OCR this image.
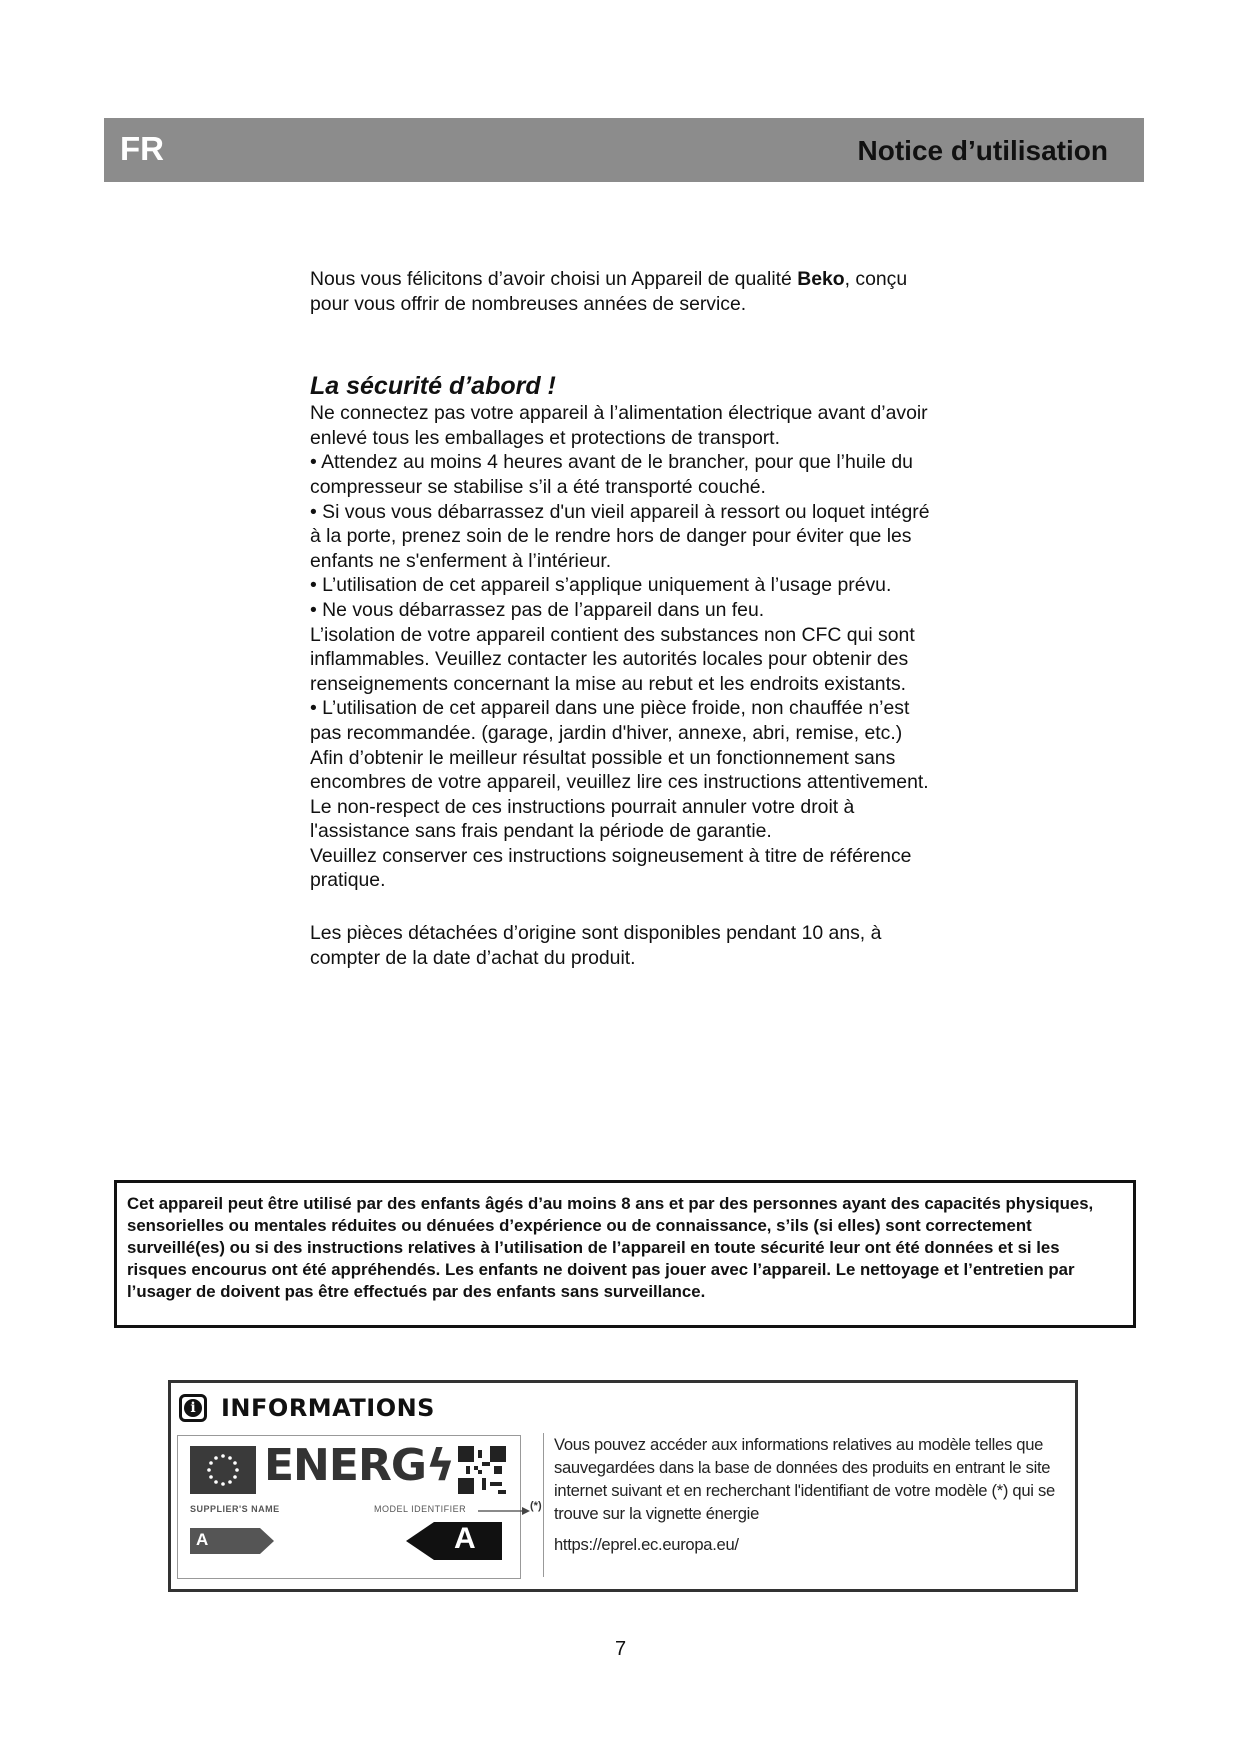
FR	Notice d’utilisation

Nous vous félicitons d’avoir choisi un Appareil de qualité Beko, conçu pour vous offrir de nombreuses années de service.

La sécurité d’abord !

Ne connectez pas votre appareil à l’alimentation électrique avant d’avoir enlevé tous les emballages et protections de transport.

• Attendez au moins 4 heures avant de le brancher, pour que l’huile du compresseur se stabilise s’il a été transporté couché.

• Si vous vous débarrassez d'un vieil appareil à ressort ou loquet intégré à la porte, prenez soin de le rendre hors de danger pour éviter que les enfants ne s'enferment à l’intérieur.

• L’utilisation de cet appareil s’applique uniquement à l’usage prévu.

• Ne vous débarrassez pas de l’appareil dans un feu.

L’isolation de votre appareil contient des substances non CFC qui sont inflammables. Veuillez contacter les autorités locales pour obtenir des renseignements concernant la mise au rebut et les endroits existants.

• L’utilisation de cet appareil dans une pièce froide, non chauffée n’est pas recommandée. (garage, jardin d'hiver, annexe, abri, remise, etc.)

Afin d’obtenir le meilleur résultat possible et un fonctionnement sans encombres de votre appareil, veuillez lire ces instructions attentivement. Le non-respect de ces instructions pourrait annuler votre droit à l'assistance sans frais pendant la période de garantie.

Veuillez conserver ces instructions soigneusement à titre de référence pratique.

Les pièces détachées d’origine sont disponibles pendant 10 ans, à compter de la date d’achat du produit.

Cet appareil peut être utilisé par des enfants âgés d’au moins 8 ans et par des personnes ayant des capacités physiques, sensorielles ou mentales réduites ou dénuées d’expérience ou de connaissance, s’ils (si elles) sont correctement surveillé(es) ou si des instructions relatives à l’utilisation de l’appareil en toute sécurité leur ont été données et si les risques encourus ont été appréhendés. Les enfants ne doivent pas jouer avec l’appareil. Le nettoyage et l’entretien par l’usager de doivent pas être effectués par des enfants sans surveillance.
i INFORMATIONS
ENERGϟ
SUPPLIER'S NAME	MODEL IDENTIFIER	(*)
A	A

Vous pouvez accéder aux informations relatives au modèle telles que sauvegardées dans la base de données des produits en entrant le site internet suivant et en recherchant l'identifiant de votre modèle (*) qui se trouve sur la vignette énergie

https://eprel.ec.europa.eu/

7
